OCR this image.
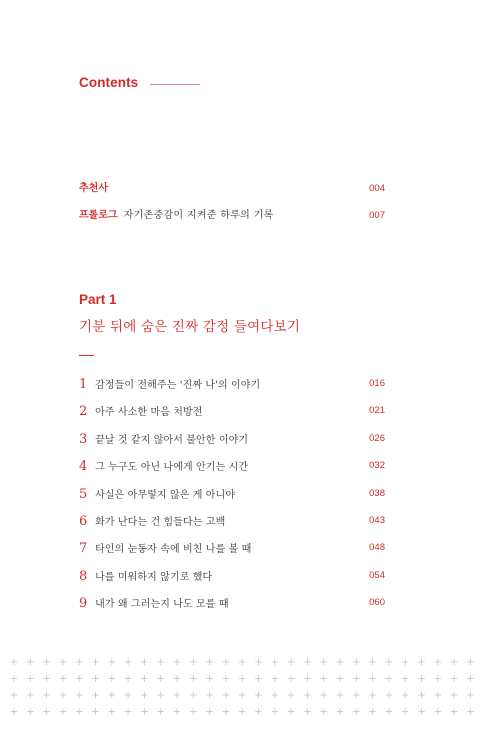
Contents
추천사	004
프롤로그 자기존중감이 지켜준 하루의 기록	007
Part 1
기분 뒤에 숨은 진짜 감정 들여다보기
1 감정들이 전해주는 '진짜 나'의 이야기	016
2 아주 사소한 마음 처방전	021
3 끝날 것 같지 않아서 불안한 이야기	026
4 그 누구도 아닌 나에게 안기는 시간	032
5 사실은 아무렇지 않은 게 아니야	038
6 화가 난다는 건 힘들다는 고백	043
7 타인의 눈동자 속에 비친 나를 볼 때	048
8 나를 미워하지 않기로 했다	054
9 내가 왜 그러는지 나도 모를 때	060
